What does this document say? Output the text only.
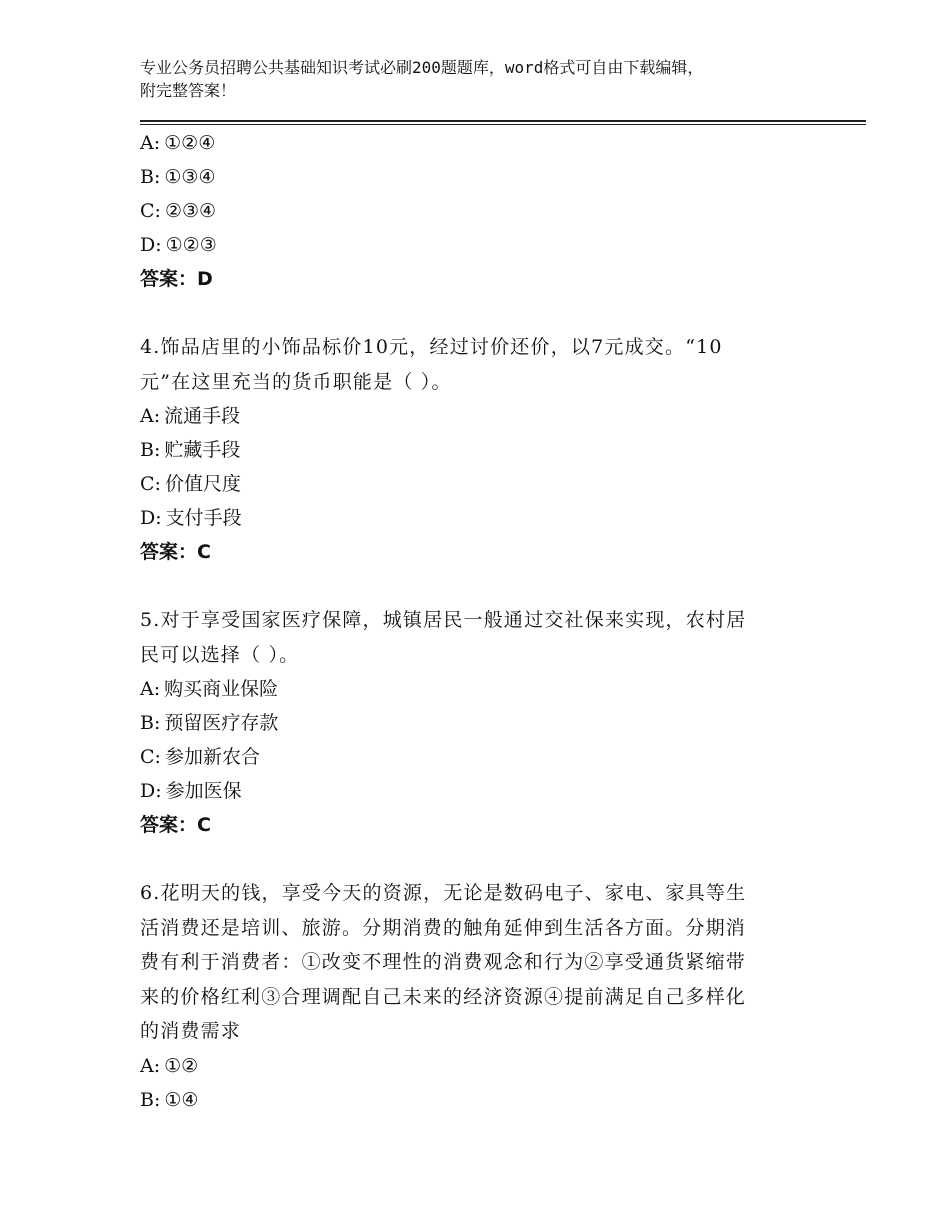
专业公务员招聘公共基础知识考试必刷200题题库，word格式可自由下载编辑，
附完整答案！
A: ①②④
B: ①③④
C: ②③④
D: ①②③
答案：D
4.饰品店里的小饰品标价10元，经过讨价还价，以7元成交。“10
元”在这里充当的货币职能是（ ）。
A: 流通手段
B: 贮藏手段
C: 价值尺度
D: 支付手段
答案：C
5.对于享受国家医疗保障，城镇居民一般通过交社保来实现，农村居
民可以选择（ ）。
A: 购买商业保险
B: 预留医疗存款
C: 参加新农合
D: 参加医保
答案：C
6.花明天的钱，享受今天的资源，无论是数码电子、家电、家具等生
活消费还是培训、旅游。分期消费的触角延伸到生活各方面。分期消
费有利于消费者：①改变不理性的消费观念和行为②享受通货紧缩带
来的价格红利③合理调配自己未来的经济资源④提前满足自己多样化
的消费需求
A: ①②
B: ①④
